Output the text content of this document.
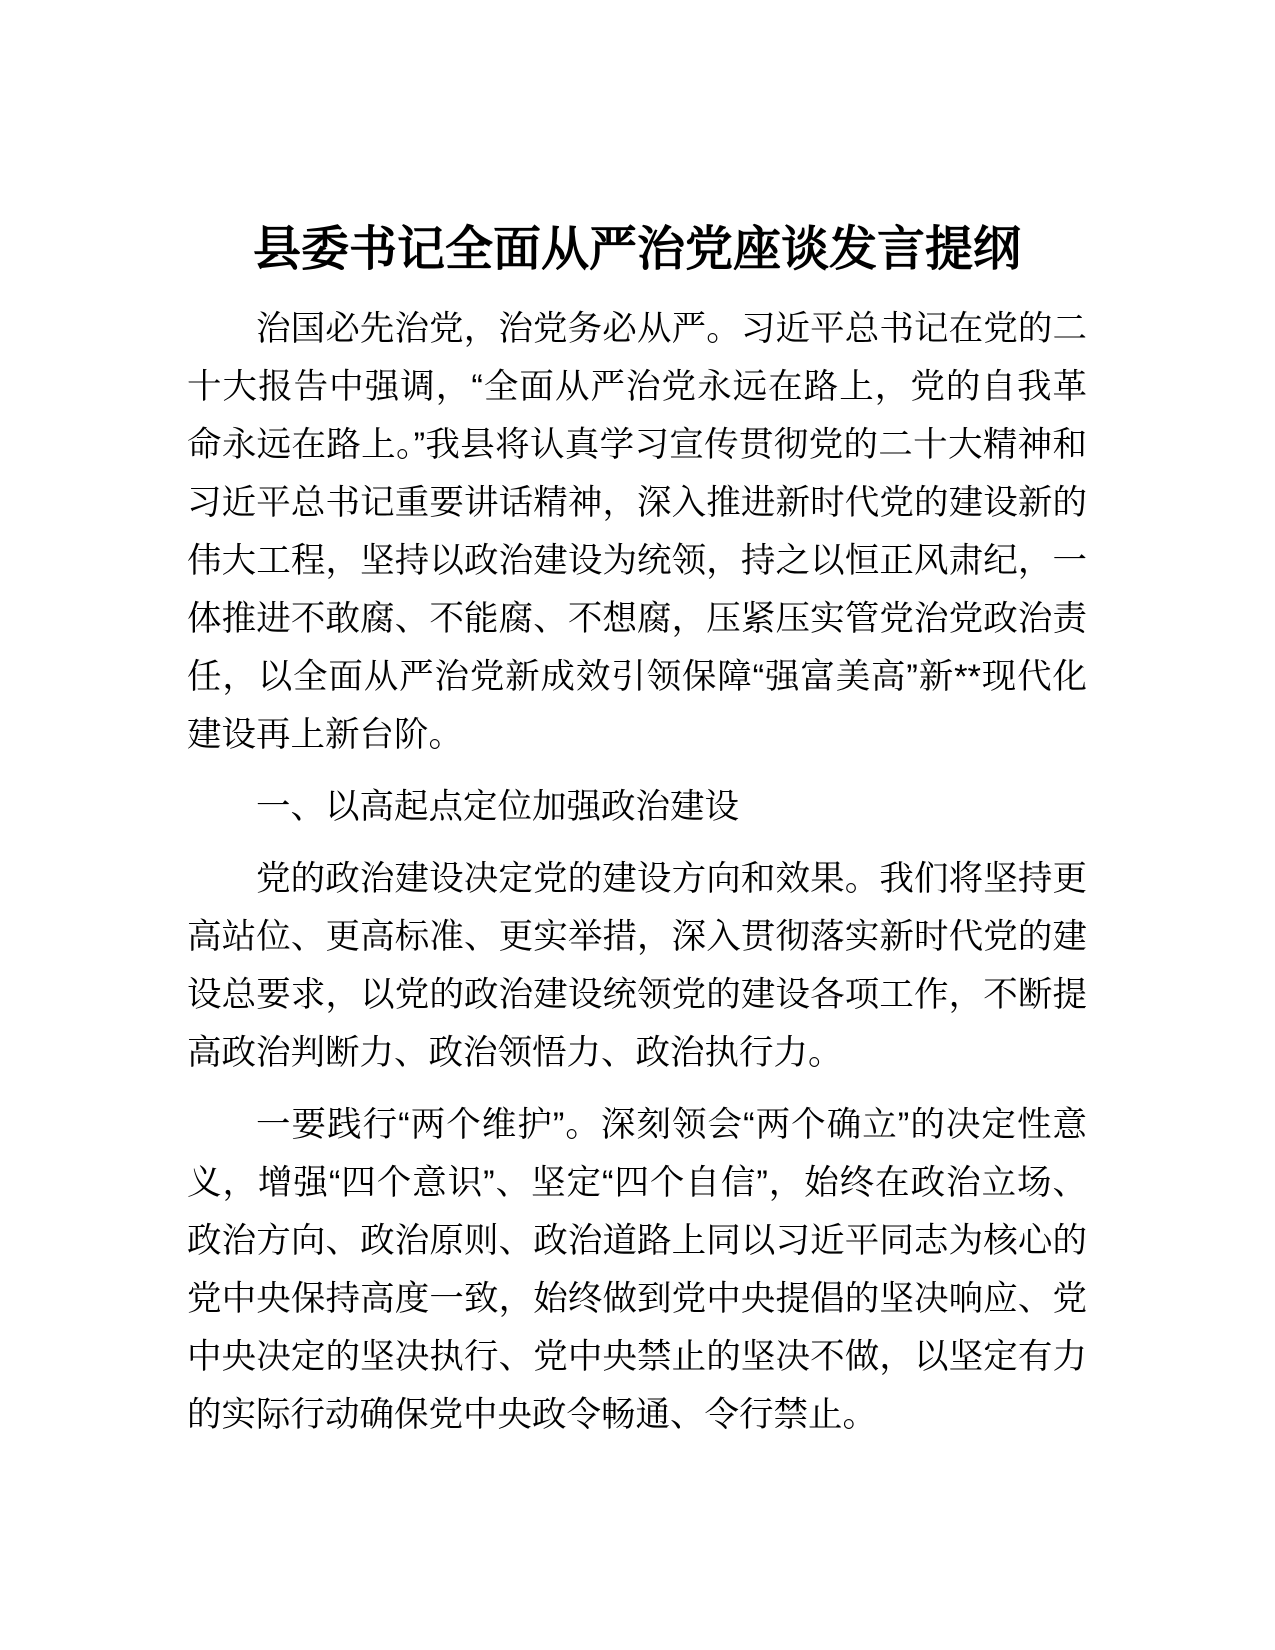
县委书记全面从严治党座谈发言提纲

治国必先治党，治党务必从严。习近平总书记在党的二十大报告中强调，“全面从严治党永远在路上，党的自我革命永远在路上。”我县将认真学习宣传贯彻党的二十大精神和习近平总书记重要讲话精神，深入推进新时代党的建设新的伟大工程，坚持以政治建设为统领，持之以恒正风肃纪，一体推进不敢腐、不能腐、不想腐，压紧压实管党治党政治责任，以全面从严治党新成效引领保障“强富美高”新**现代化建设再上新台阶。

一、以高起点定位加强政治建设

党的政治建设决定党的建设方向和效果。我们将坚持更高站位、更高标准、更实举措，深入贯彻落实新时代党的建设总要求，以党的政治建设统领党的建设各项工作，不断提高政治判断力、政治领悟力、政治执行力。

一要践行“两个维护”。深刻领会“两个确立”的决定性意义，增强“四个意识”、坚定“四个自信”，始终在政治立场、政治方向、政治原则、政治道路上同以习近平同志为核心的党中央保持高度一致，始终做到党中央提倡的坚决响应、党中央决定的坚决执行、党中央禁止的坚决不做，以坚定有力的实际行动确保党中央政令畅通、令行禁止。
